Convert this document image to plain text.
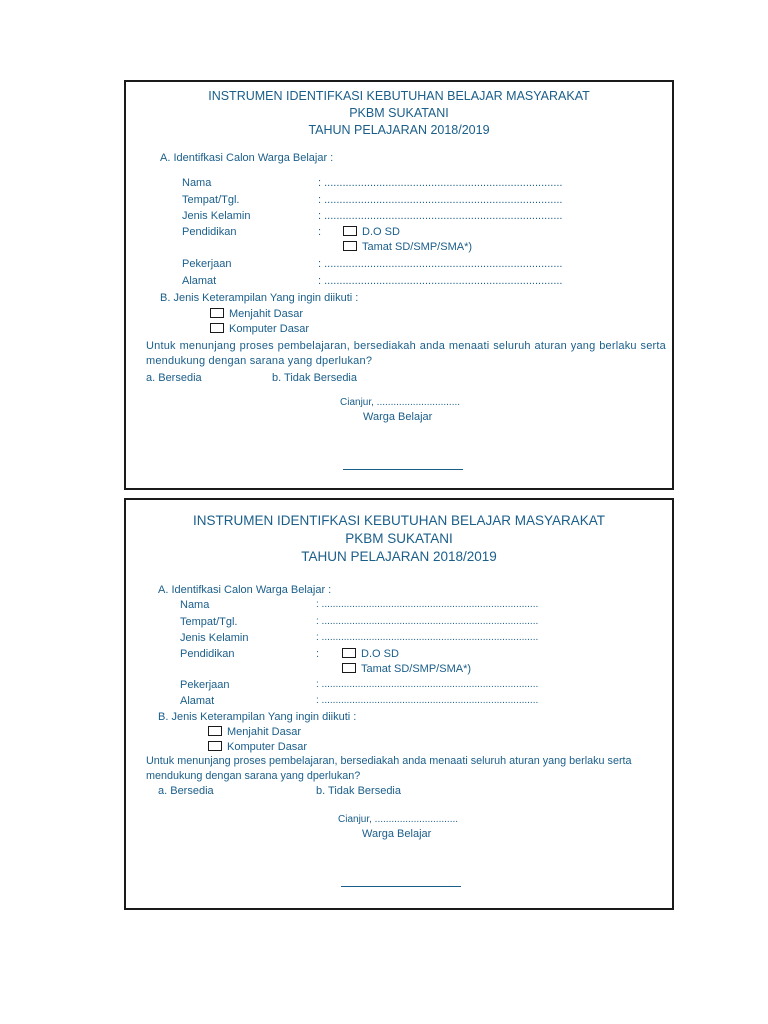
INSTRUMEN IDENTIFKASI KEBUTUHAN BELAJAR MASYARAKAT
PKBM SUKATANI
TAHUN PELAJARAN 2018/2019
A. Identifkasi Calon Warga Belajar :
Nama	: ..............................................................................
Tempat/Tgl.	: ..............................................................................
Jenis Kelamin	: ..............................................................................
Pendidikan	:	D.O SD
Tamat SD/SMP/SMA*)
Pekerjaan	: ..............................................................................
Alamat	: ..............................................................................
B. Jenis Keterampilan Yang ingin diikuti :
Menjahit Dasar
Komputer Dasar
Untuk menunjang proses pembelajaran, bersediakah anda menaati seluruh aturan yang berlaku serta mendukung dengan sarana yang dperlukan?
a. Bersedia	b. Tidak Bersedia
Cianjur, ..............................
Warga Belajar
INSTRUMEN IDENTIFKASI KEBUTUHAN BELAJAR MASYARAKAT
PKBM SUKATANI
TAHUN PELAJARAN 2018/2019
A. Identifkasi Calon Warga Belajar :
Nama	: ..............................................................................
Tempat/Tgl.	: ..............................................................................
Jenis Kelamin	: ..............................................................................
Pendidikan	:	D.O SD
Tamat SD/SMP/SMA*)
Pekerjaan	: ..............................................................................
Alamat	: ..............................................................................
B. Jenis Keterampilan Yang ingin diikuti :
Menjahit Dasar
Komputer Dasar
Untuk menunjang proses pembelajaran, bersediakah anda menaati seluruh aturan yang berlaku serta mendukung dengan sarana yang dperlukan?
a. Bersedia	b. Tidak Bersedia
Cianjur, ..............................
Warga Belajar
